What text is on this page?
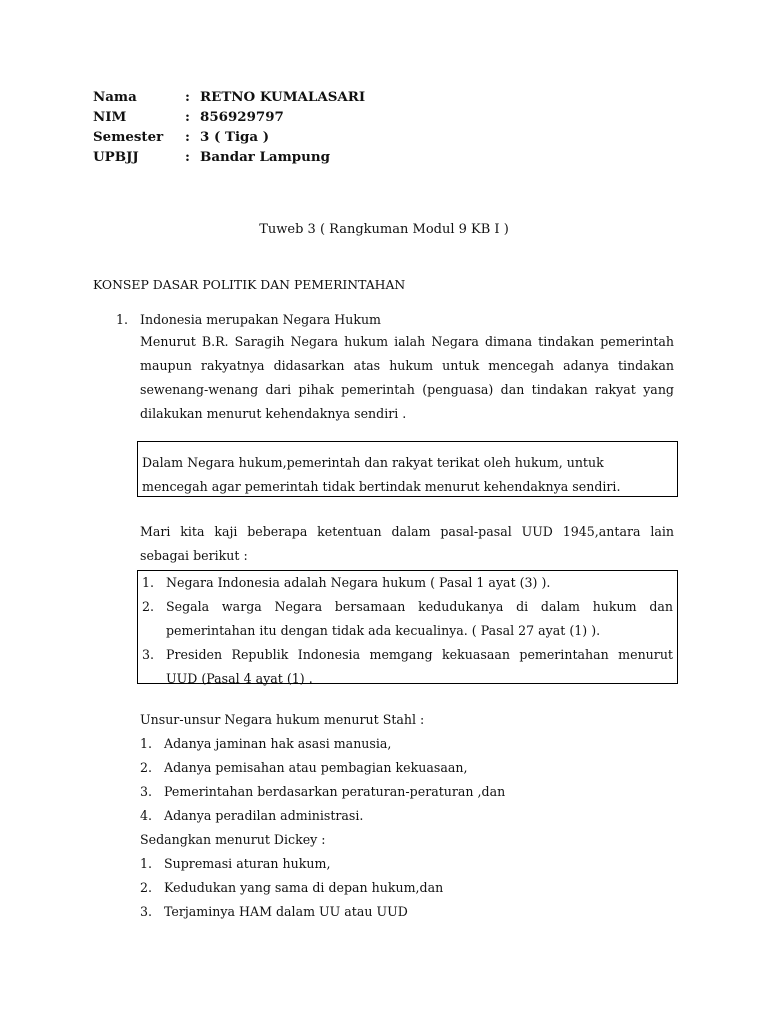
Nama	: RETNO KUMALASARI
NIM	: 856929797
Semester	: 3 ( Tiga )
UPBJJ	: Bandar Lampung
Tuweb 3 ( Rangkuman Modul 9 KB I )
KONSEP DASAR POLITIK DAN PEMERINTAHAN
1. Indonesia merupakan Negara Hukum
Menurut B.R. Saragih Negara hukum ialah Negara dimana tindakan pemerintah maupun rakyatnya didasarkan atas hukum untuk mencegah adanya tindakan sewenang-wenang dari pihak pemerintah (penguasa) dan tindakan rakyat yang dilakukan menurut kehendaknya sendiri .
Dalam Negara hukum,pemerintah dan rakyat terikat oleh hukum, untuk mencegah agar pemerintah tidak bertindak menurut kehendaknya sendiri.
Mari kita kaji beberapa ketentuan dalam pasal-pasal UUD 1945,antara lain sebagai berikut :
1. Negara Indonesia adalah Negara hukum ( Pasal 1 ayat (3) ).
2. Segala warga Negara bersamaan kedudukanya di dalam hukum dan pemerintahan itu dengan tidak ada kecualinya. ( Pasal 27 ayat (1) ).
3. Presiden Republik Indonesia memgang kekuasaan pemerintahan menurut UUD (Pasal 4 ayat (1) .
Unsur-unsur Negara hukum menurut Stahl :
1. Adanya jaminan hak asasi manusia,
2. Adanya pemisahan atau pembagian kekuasaan,
3. Pemerintahan berdasarkan peraturan-peraturan ,dan
4. Adanya peradilan administrasi.
Sedangkan menurut Dickey :
1. Supremasi aturan hukum,
2. Kedudukan yang sama di depan hukum,dan
3. Terjaminya HAM dalam UU atau UUD
